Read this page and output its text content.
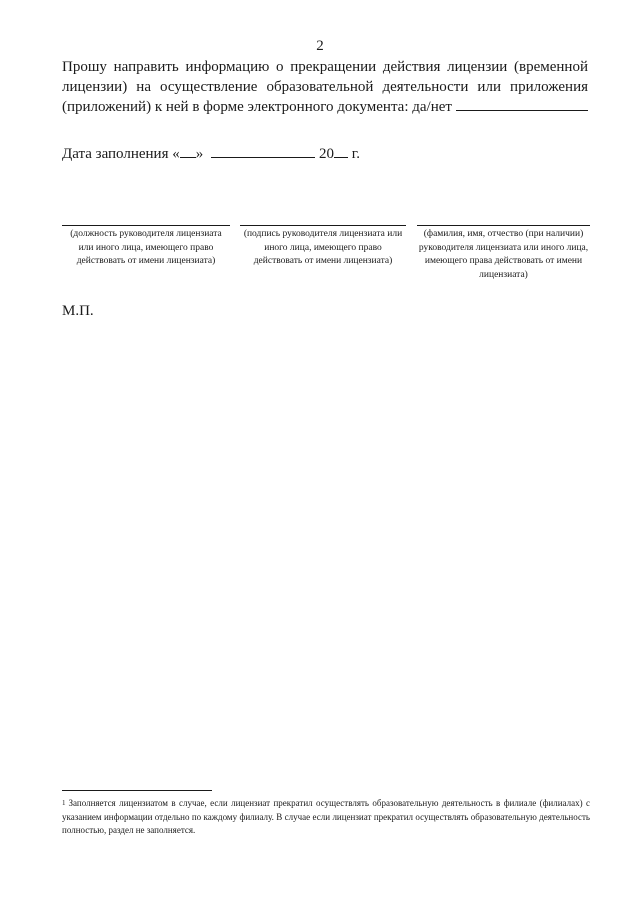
2
Прошу направить информацию о прекращении действия лицензии (временной лицензии) на осуществление образовательной деятельности или приложения (приложений) к ней в форме электронного документа: да/нет
Дата заполнения « »	20 г.
(должность руководителя лицензиата или иного лица, имеющего право действовать от имени лицензиата)
(подпись руководителя лицензиата или иного лица, имеющего право действовать от имени лицензиата)
(фамилия, имя, отчество (при наличии) руководителя лицензиата или иного лица, имеющего права действовать от имени лицензиата)
М.П.
$^1$ Заполняется лицензиатом в случае, если лицензиат прекратил осуществлять образовательную деятельность в филиале (филиалах) с указанием информации отдельно по каждому филиалу. В случае если лицензиат прекратил осуществлять образовательную деятельность полностью, раздел не заполняется.
